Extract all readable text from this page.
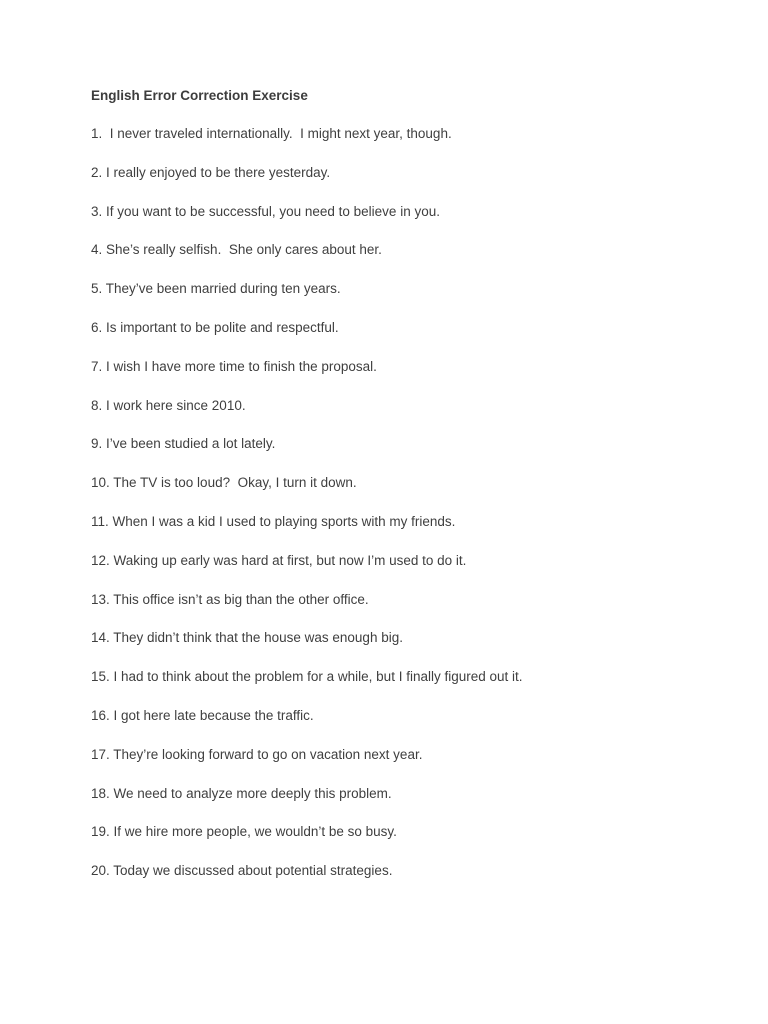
English Error Correction Exercise
1.  I never traveled internationally.  I might next year, though.
2. I really enjoyed to be there yesterday.
3. If you want to be successful, you need to believe in you.
4. She’s really selfish.  She only cares about her.
5. They’ve been married during ten years.
6. Is important to be polite and respectful.
7. I wish I have more time to finish the proposal.
8. I work here since 2010.
9. I’ve been studied a lot lately.
10. The TV is too loud?  Okay, I turn it down.
11. When I was a kid I used to playing sports with my friends.
12. Waking up early was hard at first, but now I’m used to do it.
13. This office isn’t as big than the other office.
14. They didn’t think that the house was enough big.
15. I had to think about the problem for a while, but I finally figured out it.
16. I got here late because the traffic.
17. They’re looking forward to go on vacation next year.
18. We need to analyze more deeply this problem.
19. If we hire more people, we wouldn’t be so busy.
20. Today we discussed about potential strategies.
